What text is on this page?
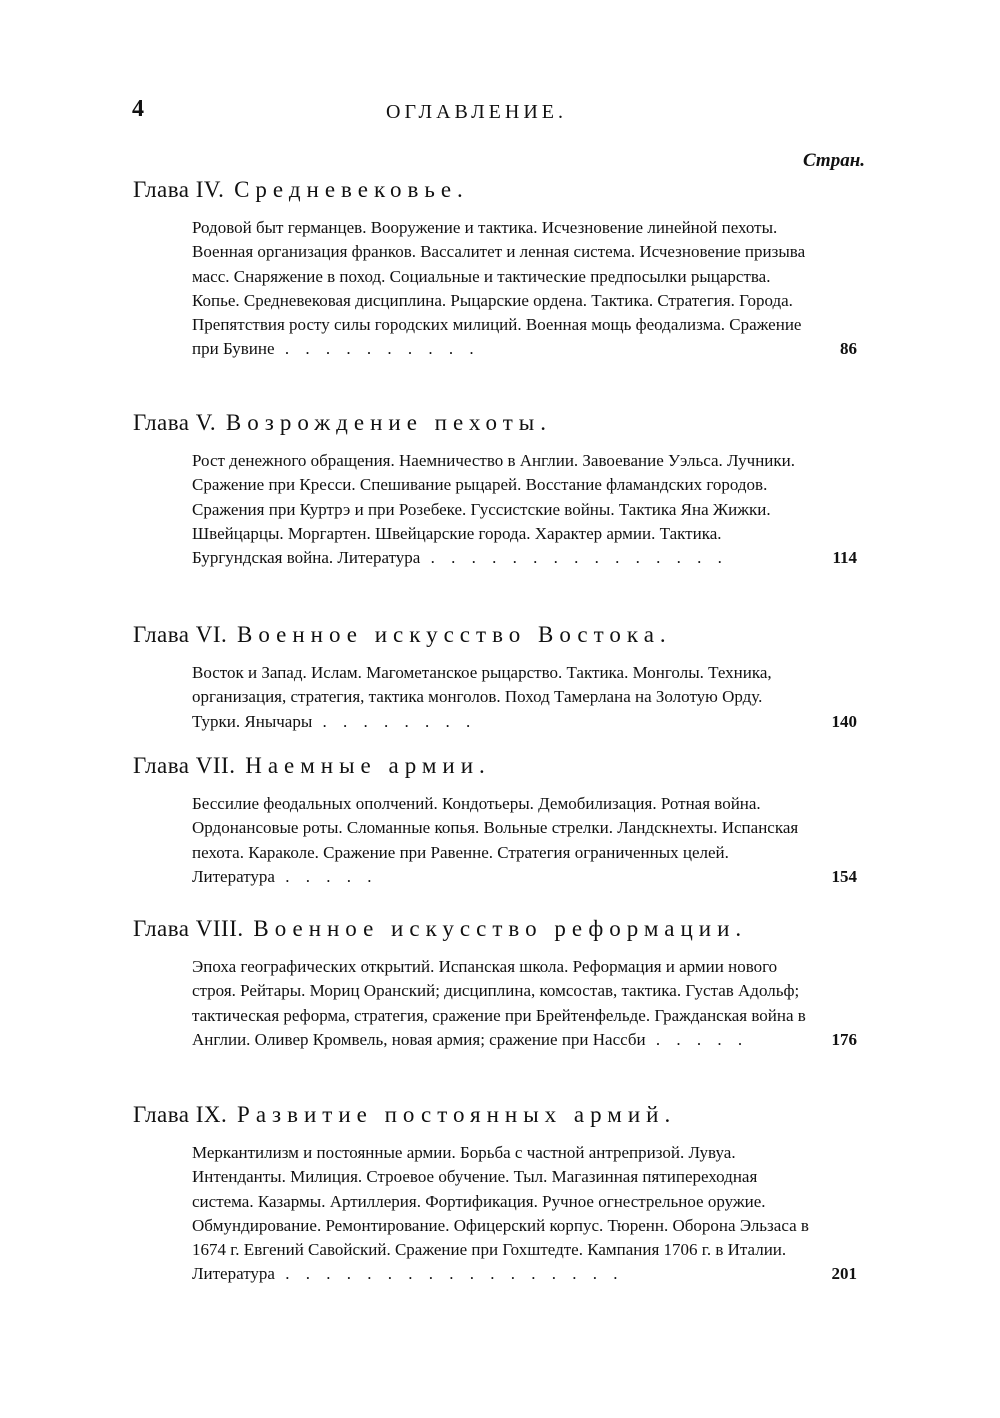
4	ОГЛАВЛЕНИЕ.
Стран.
Глава IV. Средневековье.
Родовой быт германцев. Вооружение и тактика. Исчезновение линейной пехоты. Военная организация франков. Вассалитет и ленная система. Исчезновение призыва масс. Снаряжение в поход. Социальные и тактические предпосылки рыцарства. Копье. Средневековая дисциплина. Рыцарские ордена. Тактика. Стратегия. Города. Препятствия росту силы городских милиций. Военная мощь феодализма. Сражение при Бувине . . . . . . . . . .	86
Глава V. Возрождение пехоты.
Рост денежного обращения. Наемничество в Англии. Завоевание Уэльса. Лучники. Сражение при Кресси. Спешивание рыцарей. Восстание фламандских городов. Сражения при Куртрэ и при Розебеке. Гуссистские войны. Тактика Яна Жижки. Швейцарцы. Моргартен. Швейцарские города. Характер армии. Тактика. Бургундская война. Литература . . . . . . . . . . . . . . .	114
Глава VI. Военное искусство Востока.
Восток и Запад. Ислам. Магометанское рыцарство. Тактика. Монголы. Техника, организация, стратегия, тактика монголов. Поход Тамерлана на Золотую Орду. Турки. Янычары . . . . . . . .	140
Глава VII. Наемные армии.
Бессилие феодальных ополчений. Кондотьеры. Демобилизация. Ротная война. Ордонансовые роты. Сломанные копья. Вольные стрелки. Ландскнехты. Испанская пехота. Караколе. Сражение при Равенне. Стратегия ограниченных целей. Литература . . . . .	154
Глава VIII. Военное искусство реформации.
Эпоха географических открытий. Испанская школа. Реформация и армии нового строя. Рейтары. Мориц Оранский; дисциплина, комсостав, тактика. Густав Адольф; тактическая реформа, стратегия, сражение при Брейтенфельде. Гражданская война в Англии. Оливер Кромвель, новая армия; сражение при Нассби . . . . .	176
Глава IX. Развитие постоянных армий.
Меркантилизм и постоянные армии. Борьба с частной антрепризой. Лувуа. Интенданты. Милиция. Строевое обучение. Тыл. Магазинная пятипереходная система. Казармы. Артиллерия. Фортификация. Ручное огнестрельное оружие. Обмундирование. Ремонтирование. Офицерский корпус. Тюренн. Оборона Эльзаса в 1674 г. Евгений Савойский. Сражение при Гохштедте. Кампания 1706 г. в Италии. Литература . . . . . . . . . . . . . . . . .	201
